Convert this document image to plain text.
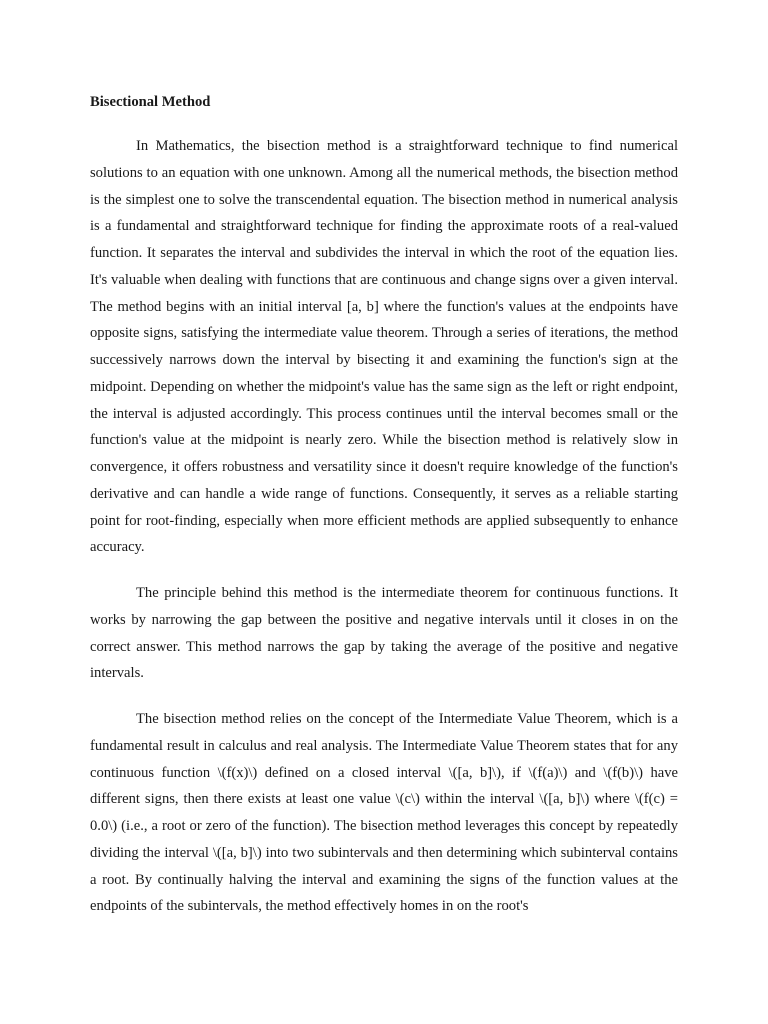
Bisectional Method

In Mathematics, the bisection method is a straightforward technique to find numerical solutions to an equation with one unknown. Among all the numerical methods, the bisection method is the simplest one to solve the transcendental equation. The bisection method in numerical analysis is a fundamental and straightforward technique for finding the approximate roots of a real-valued function. It separates the interval and subdivides the interval in which the root of the equation lies. It's valuable when dealing with functions that are continuous and change signs over a given interval. The method begins with an initial interval [a, b] where the function's values at the endpoints have opposite signs, satisfying the intermediate value theorem. Through a series of iterations, the method successively narrows down the interval by bisecting it and examining the function's sign at the midpoint. Depending on whether the midpoint's value has the same sign as the left or right endpoint, the interval is adjusted accordingly. This process continues until the interval becomes small or the function's value at the midpoint is nearly zero. While the bisection method is relatively slow in convergence, it offers robustness and versatility since it doesn't require knowledge of the function's derivative and can handle a wide range of functions. Consequently, it serves as a reliable starting point for root-finding, especially when more efficient methods are applied subsequently to enhance accuracy.

The principle behind this method is the intermediate theorem for continuous functions. It works by narrowing the gap between the positive and negative intervals until it closes in on the correct answer. This method narrows the gap by taking the average of the positive and negative intervals.

The bisection method relies on the concept of the Intermediate Value Theorem, which is a fundamental result in calculus and real analysis. The Intermediate Value Theorem states that for any continuous function \(f(x)\) defined on a closed interval \([a, b]\), if \(f(a)\) and \(f(b)\) have different signs, then there exists at least one value \(c\) within the interval \([a, b]\) where \(f(c) = 0.0\) (i.e., a root or zero of the function). The bisection method leverages this concept by repeatedly dividing the interval \([a, b]\) into two subintervals and then determining which subinterval contains a root. By continually halving the interval and examining the signs of the function values at the endpoints of the subintervals, the method effectively homes in on the root's
